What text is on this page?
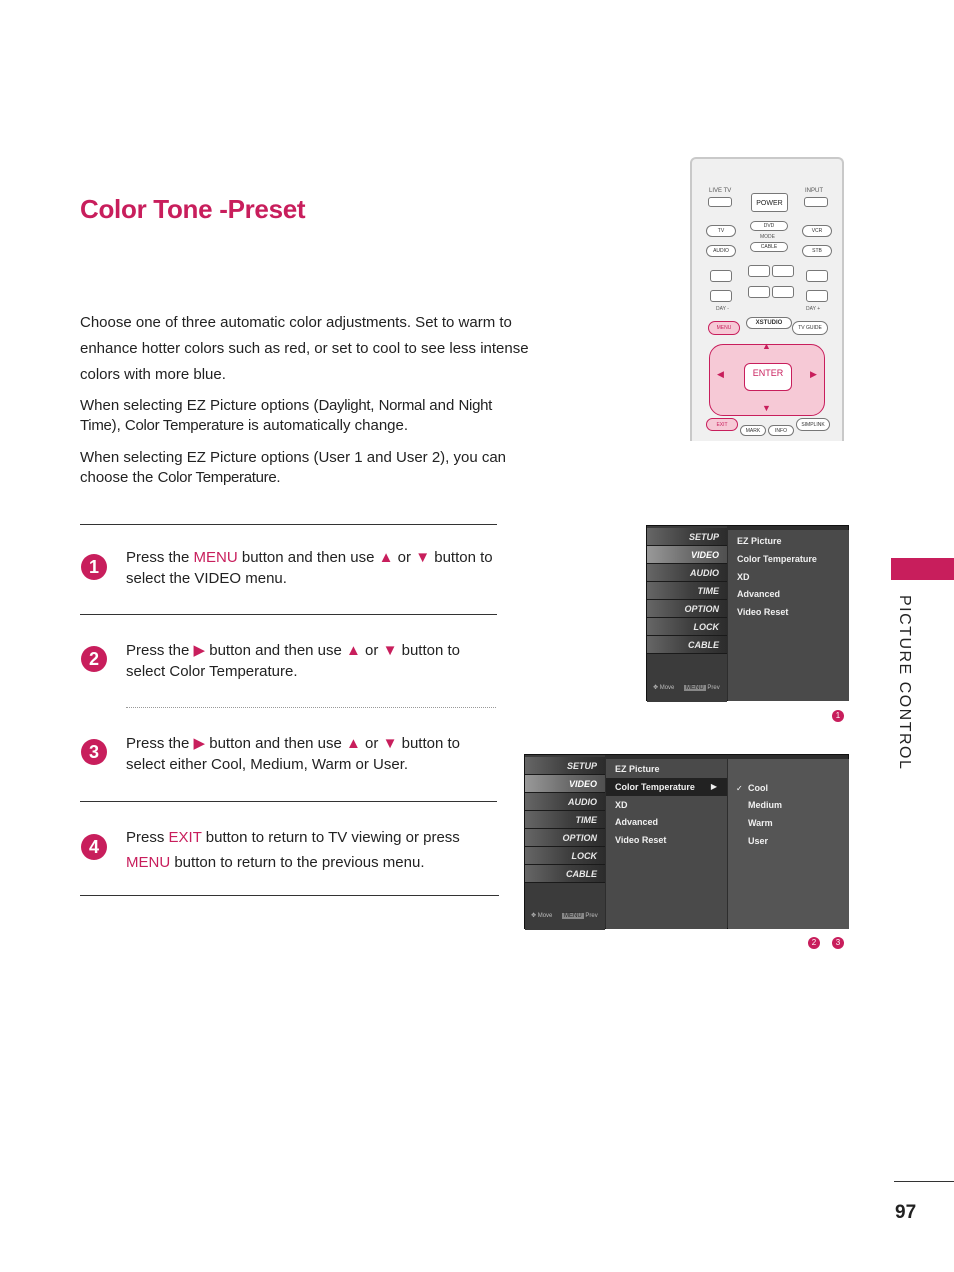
Color Tone -Preset
Choose one of three automatic color adjustments. Set to warm to enhance hotter colors such as red, or set to cool to see less intense colors with more blue.
When selecting EZ Picture options (Daylight, Normal and Night Time), Color Temperature is automatically change.
When selecting EZ Picture options (User 1 and User 2), you can choose the Color Temperature.
1	Press the MENU button and then use ▲ or ▼ button to select the VIDEO menu.
2	Press the ▶ button and then use ▲ or ▼ button to select Color Temperature.
3	Press the ▶ button and then use ▲ or ▼ button to select either Cool, Medium, Warm or User.
4	Press EXIT button to return to TV viewing or press MENU button to return to the previous menu.
PICTURE CONTROL
97
LIVE TV	INPUT
POWER
TV
DVD
MODE
VCR
AUDIO
CABLE
STB
DAY -	DAY +
MENU
XSTUDIO
TV GUIDE
▲
▼
◀	▶
ENTER
EXIT
MARK	INFO
SIMPLINK
SETUP
VIDEO
AUDIO
TIME
OPTION
LOCK
CABLE
✥ Move MENU Prev
EZ Picture
Color Temperature
XD
Advanced
Video Reset
1
SETUP
VIDEO
AUDIO
TIME
OPTION
LOCK
CABLE
✥ Move MENU Prev
EZ Picture
Color Temperature ▶
XD
Advanced
Video Reset
✓ Cool
Medium
Warm
User
2	3
